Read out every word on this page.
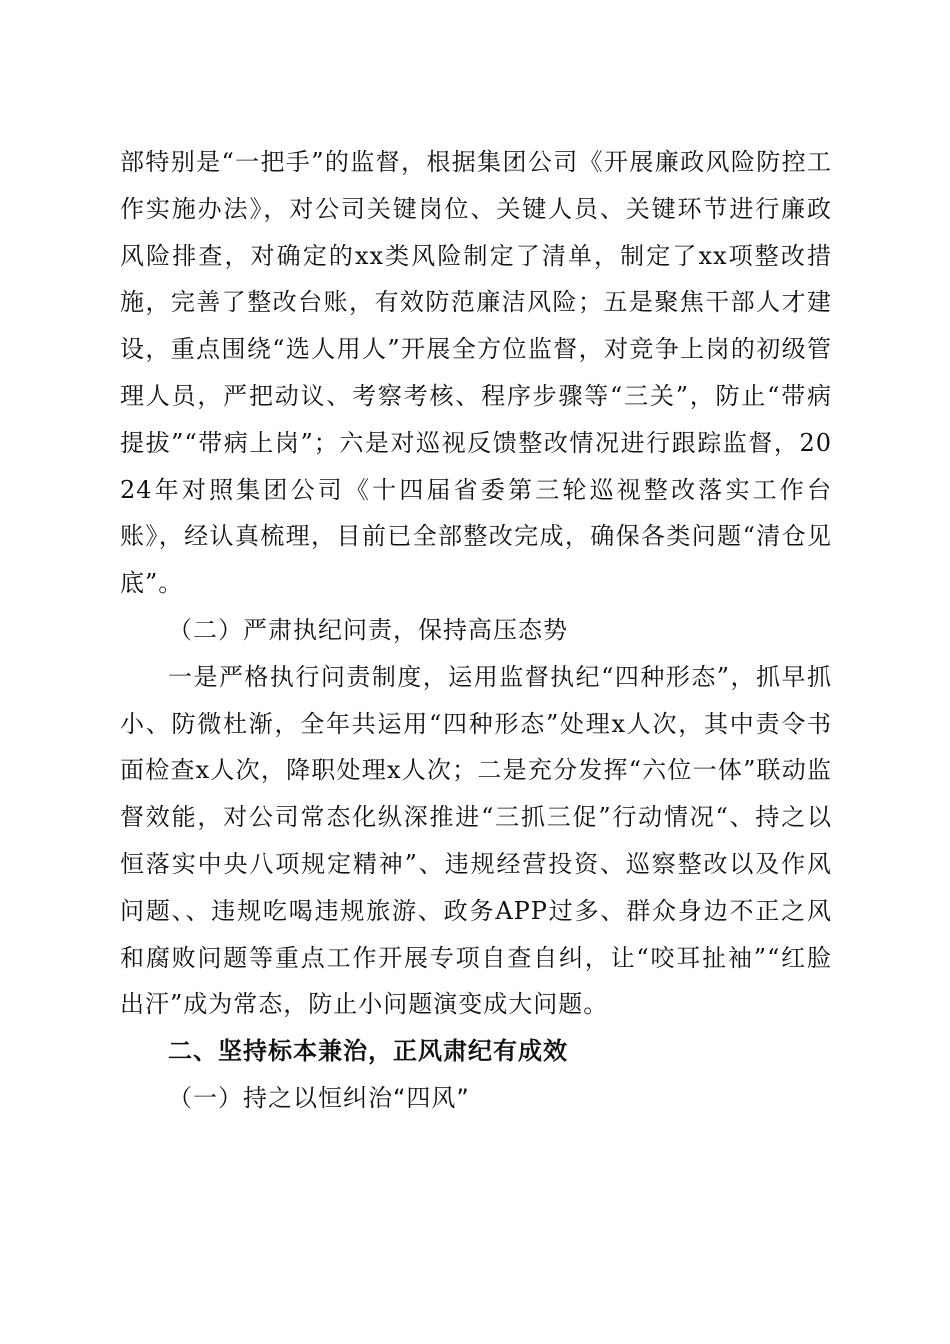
部特别是“一把手”的监督，根据集团公司《开展廉政风险防控工作实施办法》，对公司关键岗位、关键人员、关键环节进行廉政风险排查，对确定的xx类风险制定了清单，制定了xx项整改措施，完善了整改台账，有效防范廉洁风险；五是聚焦干部人才建设，重点围绕“选人用人”开展全方位监督，对竞争上岗的初级管理人员，严把动议、考察考核、程序步骤等“三关”，防止“带病提拔”“带病上岗”；六是对巡视反馈整改情况进行跟踪监督，2024年对照集团公司《十四届省委第三轮巡视整改落实工作台账》，经认真梳理，目前已全部整改完成，确保各类问题“清仓见底”。

（二）严肃执纪问责，保持高压态势

一是严格执行问责制度，运用监督执纪“四种形态”，抓早抓小、防微杜渐，全年共运用“四种形态”处理x人次，其中责令书面检查x人次，降职处理x人次；二是充分发挥“六位一体”联动监督效能，对公司常态化纵深推进“三抓三促”行动情况“、持之以恒落实中央八项规定精神”、违规经营投资、巡察整改以及作风问题、、违规吃喝违规旅游、政务APP过多、群众身边不正之风和腐败问题等重点工作开展专项自查自纠，让“咬耳扯袖”“红脸出汗”成为常态，防止小问题演变成大问题。

二、坚持标本兼治，正风肃纪有成效

（一）持之以恒纠治“四风”
